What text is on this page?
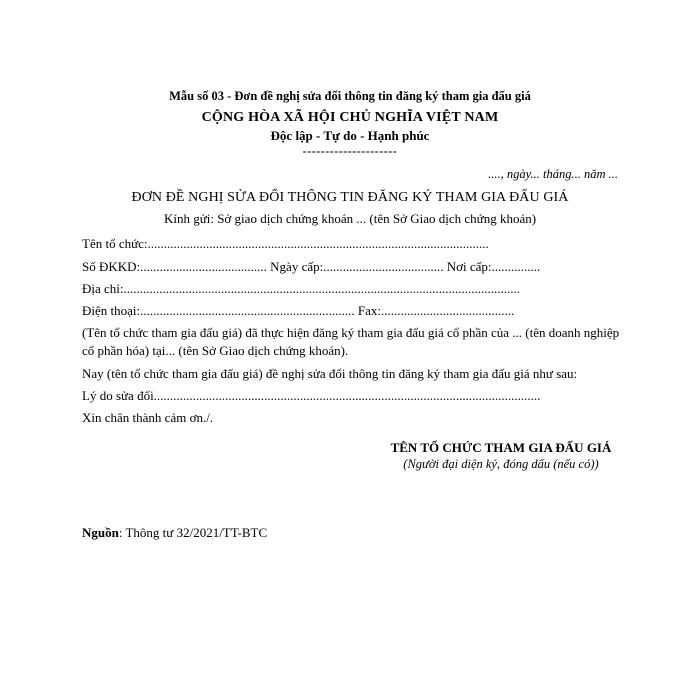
Mẫu số 03 - Đơn đề nghị sửa đổi thông tin đăng ký tham gia đấu giá
CỘNG HÒA XÃ HỘI CHỦ NGHĨA VIỆT NAM
Độc lập - Tự do - Hạnh phúc
---------------------
...., ngày... tháng... năm ...
ĐƠN ĐỀ NGHỊ SỬA ĐỔI THÔNG TIN ĐĂNG KÝ THAM GIA ĐẤU GIÁ
Kính gửi: Sở giao dịch chứng khoán ... (tên Sở Giao dịch chứng khoán)
Tên tổ chức:.........................................................................................................
Số ĐKKD:....................................... Ngày cấp:..................................... Nơi cấp:...............
Địa chỉ:..........................................................................................................................
Điện thoại:.................................................................. Fax:.........................................
(Tên tổ chức tham gia đấu giá) đã thực hiện đăng ký tham gia đấu giá cổ phần của ... (tên doanh nghiệp cổ phần hóa) tại... (tên Sở Giao dịch chứng khoán).
Nay (tên tổ chức tham gia đấu giá) đề nghị sửa đổi thông tin đăng ký tham gia đấu giá như sau:
Lý do sửa đổi.......................................................................................................................
Xin chân thành cảm ơn./.
TÊN TỔ CHỨC THAM GIA ĐẤU GIÁ
(Người đại diện ký, đóng dấu (nếu có))
Nguồn: Thông tư 32/2021/TT-BTC
